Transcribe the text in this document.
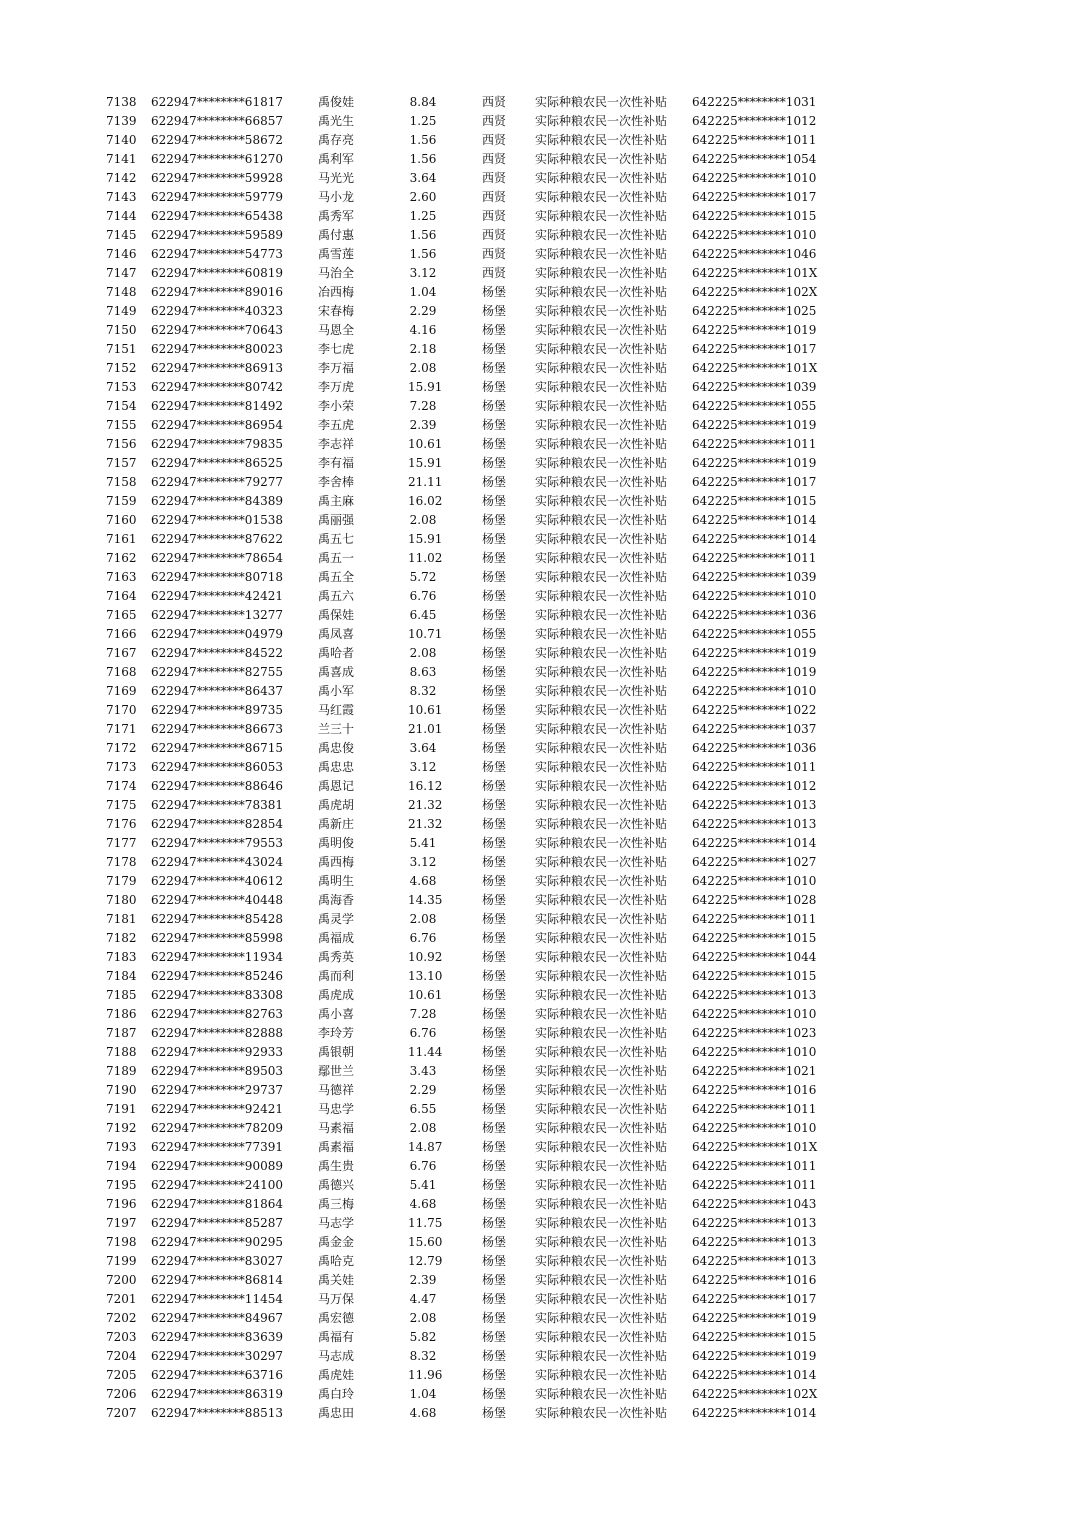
7138 622947********61817	禹俊娃	8.84	西贤 实际种粮农民一次性补贴 642225********1031
7139 622947********66857	禹光生	1.25	西贤 实际种粮农民一次性补贴 642225********1012
7140 622947********58672	禹存亮	1.56	西贤 实际种粮农民一次性补贴 642225********1011
7141 622947********61270	禹利军	1.56	西贤 实际种粮农民一次性补贴 642225********1054
7142 622947********59928	马光光	3.64	西贤 实际种粮农民一次性补贴 642225********1010
7143 622947********59779	马小龙	2.60	西贤 实际种粮农民一次性补贴 642225********1017
7144 622947********65438	禹秀军	1.25	西贤 实际种粮农民一次性补贴 642225********1015
7145 622947********59589	禹付惠	1.56	西贤 实际种粮农民一次性补贴 642225********1010
7146 622947********54773	禹雪莲	1.56	西贤 实际种粮农民一次性补贴 642225********1046
7147 622947********60819	马治全	3.12	西贤 实际种粮农民一次性补贴 642225********101X
7148 622947********89016	冶西梅	1.04	杨堡 实际种粮农民一次性补贴 642225********102X
7149 622947********40323	宋春梅	2.29	杨堡 实际种粮农民一次性补贴 642225********1025
7150 622947********70643	马恩全	4.16	杨堡 实际种粮农民一次性补贴 642225********1019
7151 622947********80023	李七虎	2.18	杨堡 实际种粮农民一次性补贴 642225********1017
7152 622947********86913	李万福	2.08	杨堡 实际种粮农民一次性补贴 642225********101X
7153 622947********80742	李万虎	15.91	杨堡 实际种粮农民一次性补贴 642225********1039
7154 622947********81492	李小荣	7.28	杨堡 实际种粮农民一次性补贴 642225********1055
7155 622947********86954	李五虎	2.39	杨堡 实际种粮农民一次性补贴 642225********1019
7156 622947********79835	李志祥	10.61	杨堡 实际种粮农民一次性补贴 642225********1011
7157 622947********86525	李有福	15.91	杨堡 实际种粮农民一次性补贴 642225********1019
7158 622947********79277	李舍棒	21.11	杨堡 实际种粮农民一次性补贴 642225********1017
7159 622947********84389	禹主麻	16.02	杨堡 实际种粮农民一次性补贴 642225********1015
7160 622947********01538	禹丽强	2.08	杨堡 实际种粮农民一次性补贴 642225********1014
7161 622947********87622	禹五七	15.91	杨堡 实际种粮农民一次性补贴 642225********1014
7162 622947********78654	禹五一	11.02	杨堡 实际种粮农民一次性补贴 642225********1011
7163 622947********80718	禹五全	5.72	杨堡 实际种粮农民一次性补贴 642225********1039
7164 622947********42421	禹五六	6.76	杨堡 实际种粮农民一次性补贴 642225********1010
7165 622947********13277	禹保娃	6.45	杨堡 实际种粮农民一次性补贴 642225********1036
7166 622947********04979	禹凤喜	10.71	杨堡 实际种粮农民一次性补贴 642225********1055
7167 622947********84522	禹哈者	2.08	杨堡 实际种粮农民一次性补贴 642225********1019
7168 622947********82755	禹喜成	8.63	杨堡 实际种粮农民一次性补贴 642225********1019
7169 622947********86437	禹小军	8.32	杨堡 实际种粮农民一次性补贴 642225********1010
7170 622947********89735	马红霞	10.61	杨堡 实际种粮农民一次性补贴 642225********1022
7171 622947********86673	兰三十	21.01	杨堡 实际种粮农民一次性补贴 642225********1037
7172 622947********86715	禹忠俊	3.64	杨堡 实际种粮农民一次性补贴 642225********1036
7173 622947********86053	禹忠忠	3.12	杨堡 实际种粮农民一次性补贴 642225********1011
7174 622947********88646	禹恩记	16.12	杨堡 实际种粮农民一次性补贴 642225********1012
7175 622947********78381	禹虎胡	21.32	杨堡 实际种粮农民一次性补贴 642225********1013
7176 622947********82854	禹新庄	21.32	杨堡 实际种粮农民一次性补贴 642225********1013
7177 622947********79553	禹明俊	5.41	杨堡 实际种粮农民一次性补贴 642225********1014
7178 622947********43024	禹西梅	3.12	杨堡 实际种粮农民一次性补贴 642225********1027
7179 622947********40612	禹明生	4.68	杨堡 实际种粮农民一次性补贴 642225********1010
7180 622947********40448	禹海香	14.35	杨堡 实际种粮农民一次性补贴 642225********1028
7181 622947********85428	禹灵学	2.08	杨堡 实际种粮农民一次性补贴 642225********1011
7182 622947********85998	禹福成	6.76	杨堡 实际种粮农民一次性补贴 642225********1015
7183 622947********11934	禹秀英	10.92	杨堡 实际种粮农民一次性补贴 642225********1044
7184 622947********85246	禹而利	13.10	杨堡 实际种粮农民一次性补贴 642225********1015
7185 622947********83308	禹虎成	10.61	杨堡 实际种粮农民一次性补贴 642225********1013
7186 622947********82763	禹小喜	7.28	杨堡 实际种粮农民一次性补贴 642225********1010
7187 622947********82888	李玲芳	6.76	杨堡 实际种粮农民一次性补贴 642225********1023
7188 622947********92933	禹银朝	11.44	杨堡 实际种粮农民一次性补贴 642225********1010
7189 622947********89503	鄢世兰	3.43	杨堡 实际种粮农民一次性补贴 642225********1021
7190 622947********29737	马德祥	2.29	杨堡 实际种粮农民一次性补贴 642225********1016
7191 622947********92421	马忠学	6.55	杨堡 实际种粮农民一次性补贴 642225********1011
7192 622947********78209	马素福	2.08	杨堡 实际种粮农民一次性补贴 642225********1010
7193 622947********77391	禹素福	14.87	杨堡 实际种粮农民一次性补贴 642225********101X
7194 622947********90089	禹生贵	6.76	杨堡 实际种粮农民一次性补贴 642225********1011
7195 622947********24100	禹德兴	5.41	杨堡 实际种粮农民一次性补贴 642225********1011
7196 622947********81864	禹三梅	4.68	杨堡 实际种粮农民一次性补贴 642225********1043
7197 622947********85287	马志学	11.75	杨堡 实际种粮农民一次性补贴 642225********1013
7198 622947********90295	禹金金	15.60	杨堡 实际种粮农民一次性补贴 642225********1013
7199 622947********83027	禹哈克	12.79	杨堡 实际种粮农民一次性补贴 642225********1013
7200 622947********86814	禹关娃	2.39	杨堡 实际种粮农民一次性补贴 642225********1016
7201 622947********11454	马万保	4.47	杨堡 实际种粮农民一次性补贴 642225********1017
7202 622947********84967	禹宏德	2.08	杨堡 实际种粮农民一次性补贴 642225********1019
7203 622947********83639	禹福有	5.82	杨堡 实际种粮农民一次性补贴 642225********1015
7204 622947********30297	马志成	8.32	杨堡 实际种粮农民一次性补贴 642225********1019
7205 622947********63716	禹虎娃	11.96	杨堡 实际种粮农民一次性补贴 642225********1014
7206 622947********86319	禹白玲	1.04	杨堡 实际种粮农民一次性补贴 642225********102X
7207 622947********88513	禹忠田	4.68	杨堡 实际种粮农民一次性补贴 642225********1014
